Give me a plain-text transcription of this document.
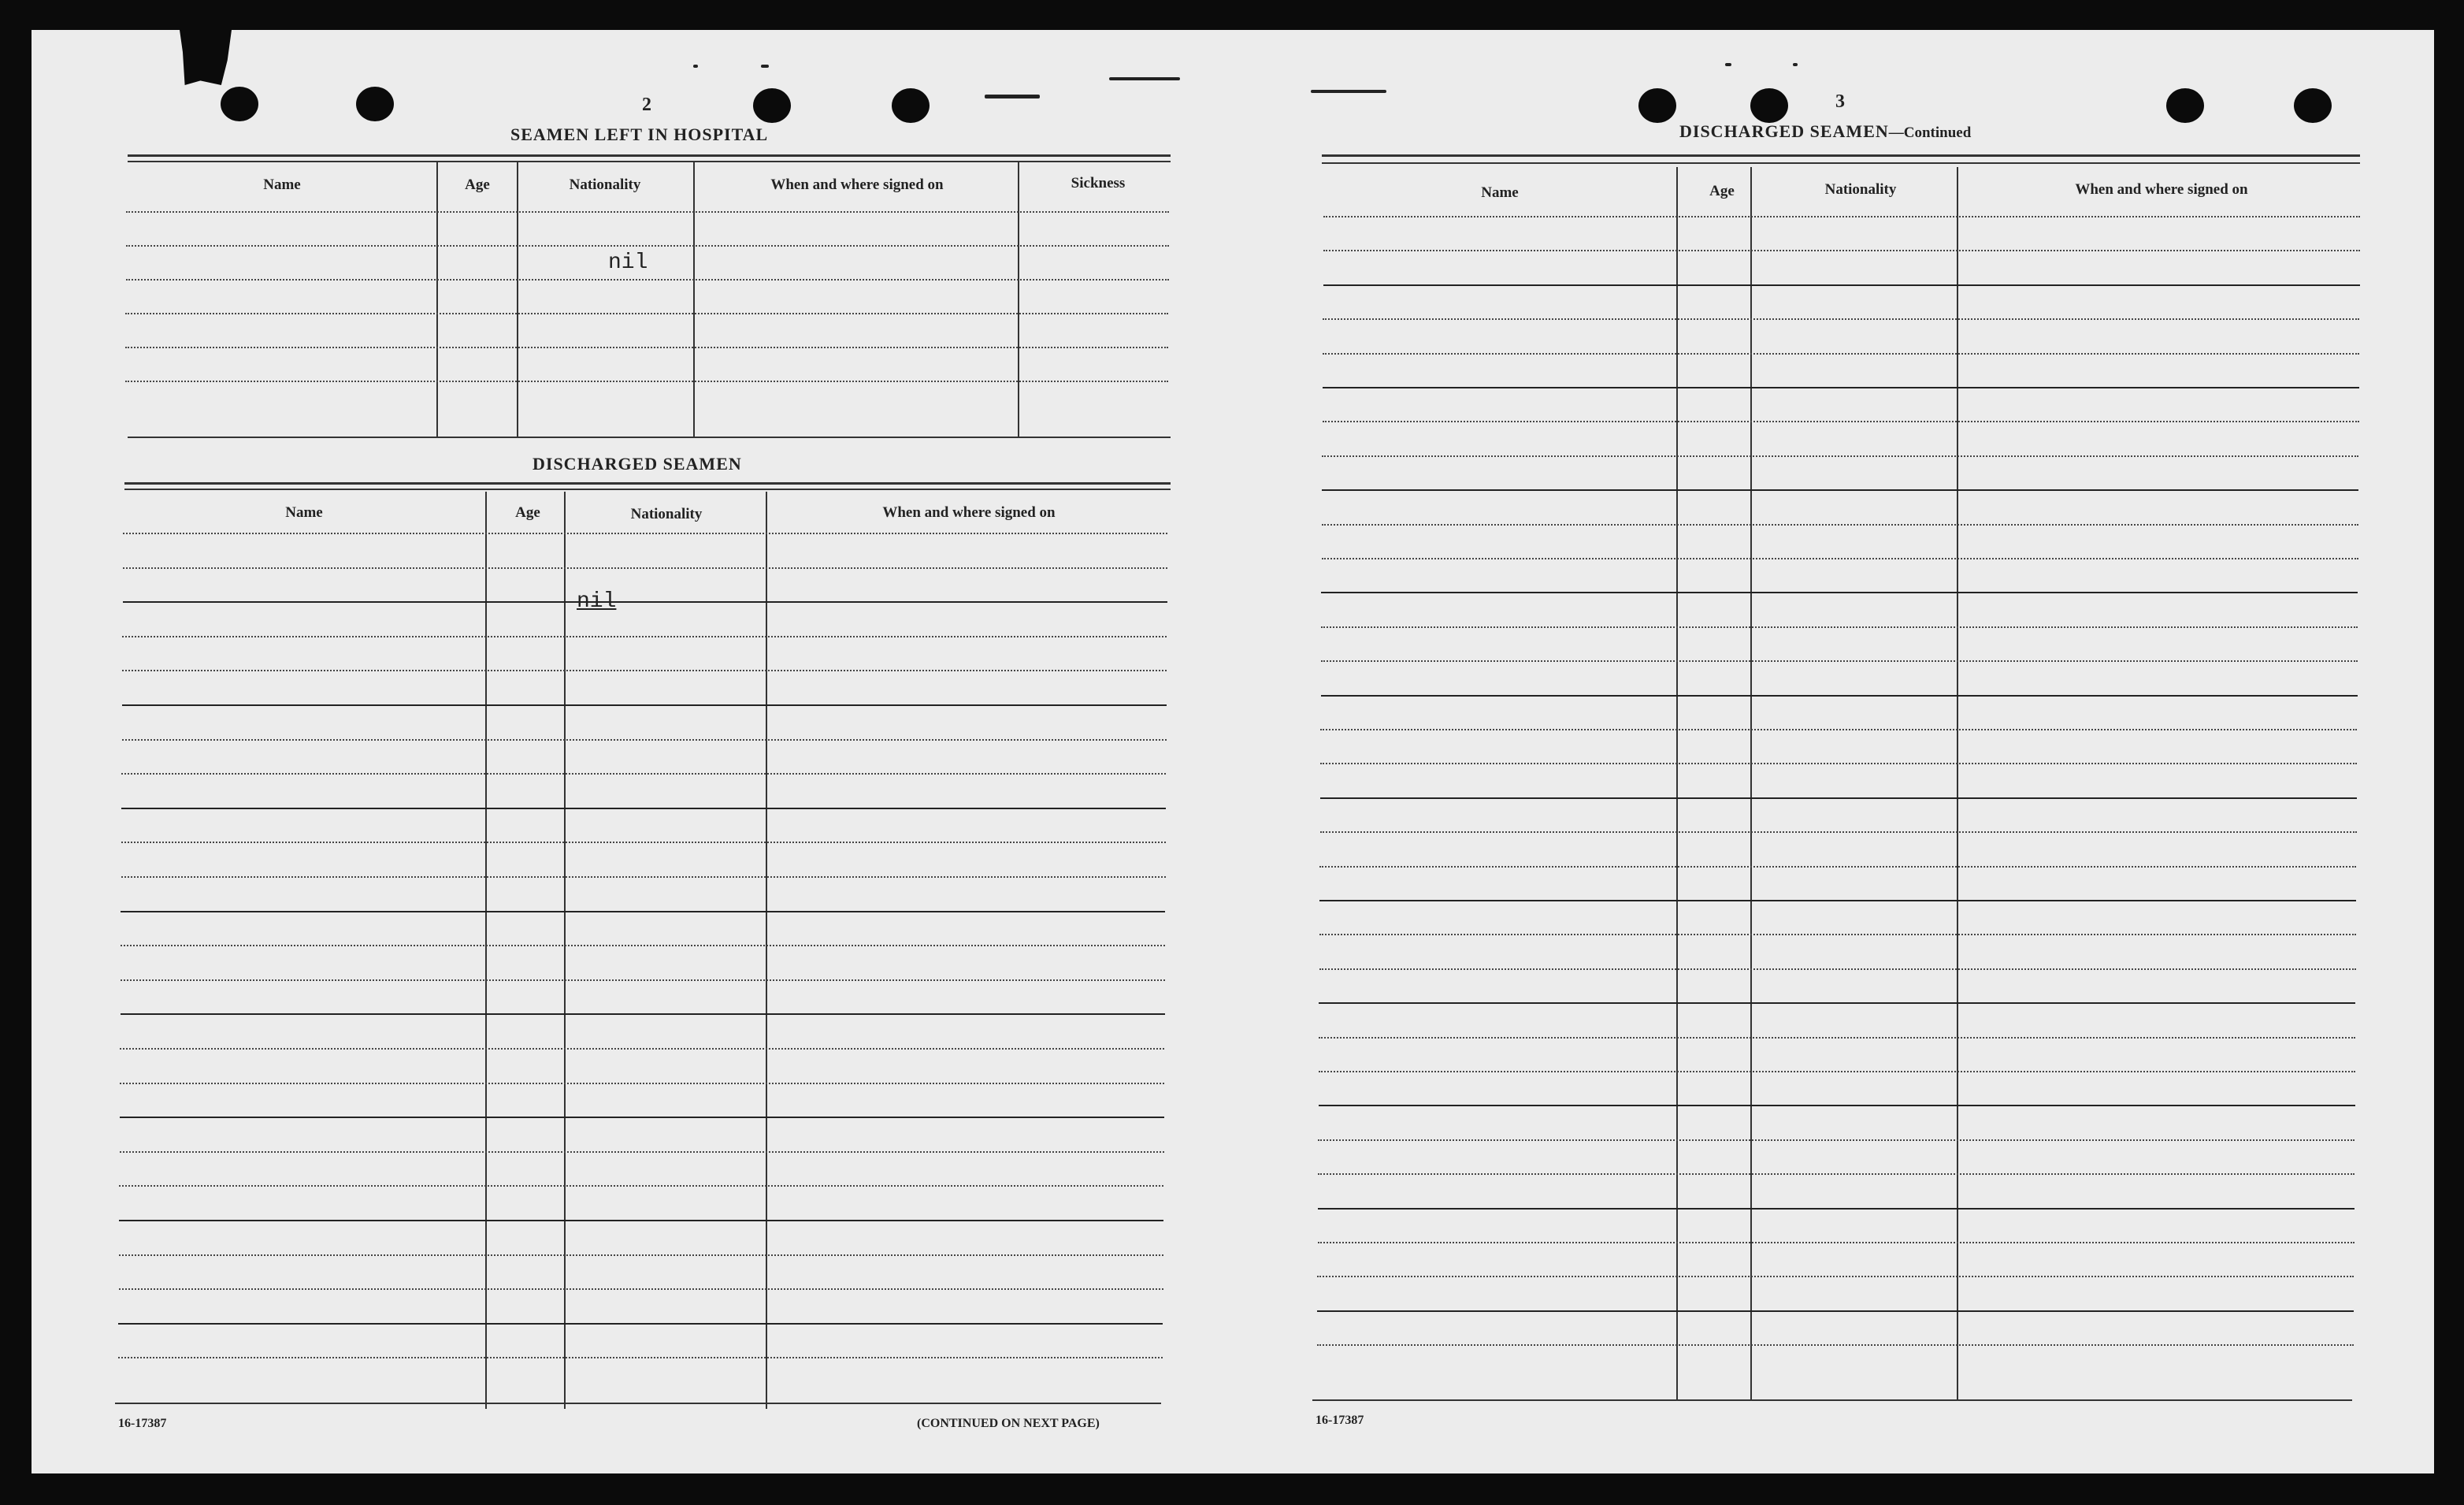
2
SEAMEN LEFT IN HOSPITAL
Name	Age	Nationality	When and where signed on	Sickness
nil
DISCHARGED SEAMEN
Name	Age	Nationality	When and where signed on
nil
16-17387	(CONTINUED ON NEXT PAGE)
3
DISCHARGED SEAMEN—Continued
Name	Age	Nationality	When and where signed on
16-17387
